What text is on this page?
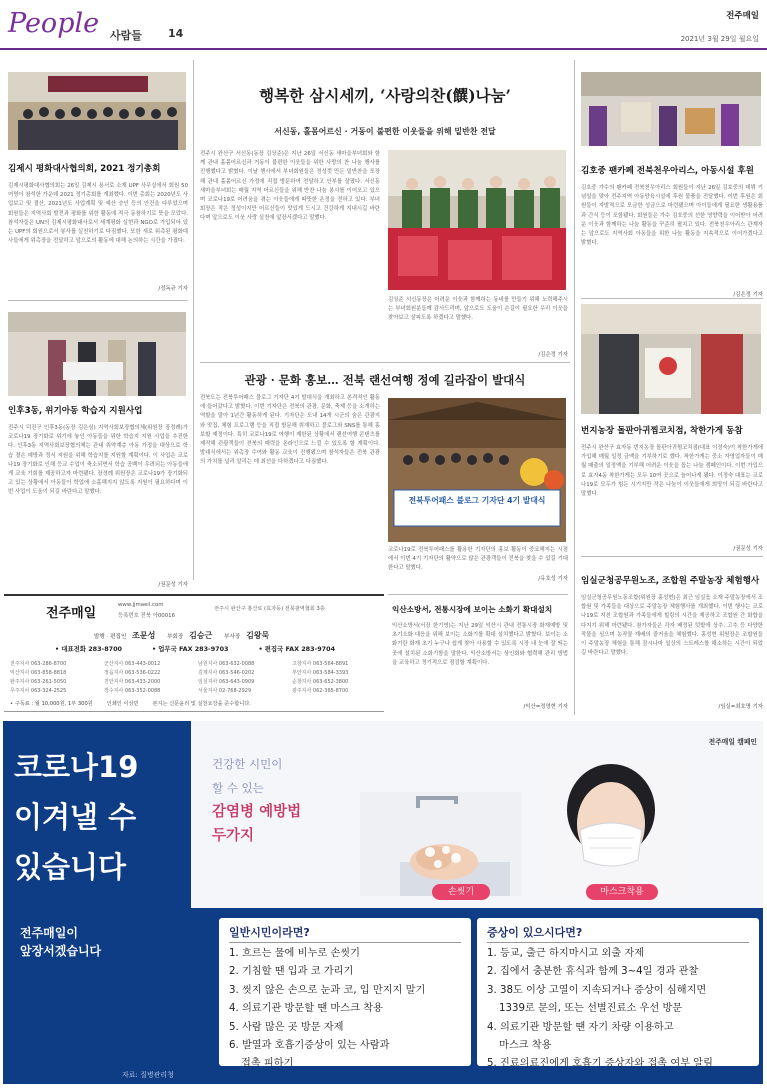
People 사람들 14
전주매일
2021년 3월 29일 월요일
김제시 평화대사협의회, 2021 정기총회
김제시평화대사협의회는 26일 김제시 용서로 소재 UPF 사무실에서 회원 50여명이 참석한 가운데 2021 정기총회를 개최했다. 이번 총회는 2020년도 사업보고 및 결산, 2021년도 사업계획 및 예산 승인 등의 안건을 다루었으며 회원들은 지역사회 발전과 평화를 위한 활동에 적극 동참하기로 뜻을 모았다. 참석자들은 UN의 김제시평화대사로서 세계평화 실현과 NGO로 가입되어 있는 UPF의 회원으로서 봉사를 실천하기로 다짐했다. 또한 새로 위촉된 평화대사들에게 위촉장을 전달하고 앞으로의 활동에 대해 논의하는 시간을 가졌다.
/정독규 기자
인후3동, 위기아동 학습지 지원사업
전주시 덕진구 인후3동(동장 김은심) 지역사회보장협의체(위원장 장정례)가 코로나19 장기화로 위기에 놓인 아동들을 위한 학습지 지원 사업을 추진한다. 인후3동 지역사회보장협의체는 관내 취약계층 아동 가정을 대상으로 학습 결손 예방과 정서 지원을 위해 학습지를 지원할 계획이다. 이 사업은 코로나19 장기화로 인해 등교 수업이 축소되면서 학습 공백이 우려되는 아동들에게 교육 기회를 제공하고자 마련됐다. 장정례 위원장은 코로나19가 장기화되고 있는 상황에서 아동들이 학업에 소홀해지지 않도록 지원이 필요하다며 이번 사업이 도움이 되길 바란다고 말했다.
/권문성 기자
행복한 삼시세끼, ‘사랑의찬(饌)나눔’
서신동, 홀몸어르신 · 거동이 불편한 이웃들을 위해 밑반찬 전달
전주시 완산구 서신동(동장 김상준)은 지난 26일 서신동 새마을부녀회와 함께 관내 홀몸어르신과 거동이 불편한 이웃들을 위한 사랑의 찬 나눔 행사를 진행했다고 밝혔다. 이날 행사에서 부녀회원들은 정성껏 만든 밑반찬을 포장해 관내 홀몸어르신 가정에 직접 방문하여 전달하고 안부를 살폈다. 서신동 새마을부녀회는 매월 지역 어르신들을 위해 반찬 나눔 봉사를 이어오고 있으며 코로나19로 어려움을 겪는 이웃들에게 따뜻한 온정을 전하고 있다. 부녀회장은 작은 정성이지만 어르신들이 맛있게 드시고 건강하게 지내시길 바란다며 앞으로도 이웃 사랑 실천에 앞장서겠다고 말했다.
김상준 서신동장은 어려운 이웃과 함께하는 동네를 만들기 위해 노력해주시는 부녀회원분들께 감사드리며, 앞으로도 도움이 손길이 필요한 우리 이웃을 찾아보고 살피도록 하겠다고 말했다.
/김은정 기자
관광 · 문화 홍보… 전북 랜선여행 정예 길라잡이 발대식
전북도는 전북투어패스 블로그 기자단 4기 발대식을 개최하고 본격적인 활동에 들어갔다고 밝혔다. 이번 기자단은 전북의 관광, 문화, 축제 등을 소개하는 역할을 맡아 1년간 활동하게 된다. 기자단은 도내 14개 시군의 숨은 관광지와 맛집, 체험 프로그램 등을 직접 방문해 취재하고 블로그와 SNS를 통해 홍보할 예정이다. 특히 코로나19로 여행이 제한된 상황에서 랜선여행 콘텐츠를 제작해 관광객들이 전북의 매력을 온라인으로 느낄 수 있도록 할 계획이다. 발대식에서는 위촉장 수여와 활동 교육이 진행됐으며 참석자들은 전북 관광의 가치를 널리 알리는 데 최선을 다하겠다고 다짐했다.
전북투어패스 블로그 기자단 4기 발대식
코로나19로 전북투어패스를 활용한 기자단의 홍보 활동이 중요해지는 시점에서 이번 4기 기자단의 활약으로 많은 관광객들이 전북을 찾을 수 있길 기대한다고 말했다.
/유호성 기자
김호중 팬카페 전북천우아리스, 아동시설 후원
김호중 가수의 팬카페 전북천우아리스 회원들이 지난 26일 김호중의 데뷔 기념일을 맞아 전주지역 아동양육시설에 후원 물품을 전달했다. 이번 후원은 회원들이 자발적으로 모금한 성금으로 마련됐으며 아이들에게 필요한 생활용품과 간식 등이 포함됐다. 회원들은 가수 김호중의 선한 영향력을 이어받아 어려운 이웃과 함께하는 나눔 활동을 꾸준히 펼치고 있다. 전북천우아리스 관계자는 앞으로도 지역사회 아동들을 위한 나눔 활동을 지속적으로 이어가겠다고 밝혔다.
/김은정 기자
번지농장 돌판아귀찜코치점, 착한가게 동참
전주시 완산구 효자동 번지농장 돌판아귀찜코치점(대표 이정숙)이 착한가게에 가입해 매월 일정 금액을 기부하기로 했다. 착한가게는 중소 자영업자들이 매월 매출의 일정액을 기부해 어려운 이웃을 돕는 나눔 캠페인이다. 이번 가입으로 효자4동 착한가게는 모두 10여 곳으로 늘어나게 됐다. 이정숙 대표는 코로나19로 모두가 힘든 시기지만 작은 나눔이 이웃들에게 희망이 되길 바란다고 말했다.
/권문성 기자
임실군청공무원노조, 조합원 주말농장 체험행사
임실군청공무원노동조합(위원장 홍성현)은 최근 임실읍 소재 주말농장에서 조합원 및 가족들을 대상으로 주말농장 체험행사를 개최했다. 이번 행사는 코로나19로 지친 조합원과 가족들에게 힐링의 시간을 제공하고 조합원 간 화합을 다지기 위해 마련됐다. 참가자들은 각자 배정된 텃밭에 상추, 고추 등 다양한 작물을 심으며 농작물 재배의 즐거움을 체험했다. 홍성현 위원장은 조합원들이 주말농장 체험을 통해 잠시나마 일상의 스트레스를 해소하는 시간이 되었길 바란다고 말했다.
/임실=최호명 기자
익산소방서, 전통시장에 보이는 소화기 확대설치
익산소방서(서장 한기영)는 지난 29일 익산시 관내 전통시장 화재예방 및 초기소화 대응을 위해 보이는 소화기를 확대 설치했다고 밝혔다. 보이는 소화기란 화재 초기 누구나 쉽게 찾아 사용할 수 있도록 시장 내 눈에 잘 띄는 곳에 설치된 소화기함을 말한다. 익산소방서는 상인회와 협력해 관리 방법을 교육하고 정기적으로 점검할 계획이다.
/익산=정영현 기자
전주매일
www.jjmaeil.com
등록번호 전북 아00016
전주시 완산구 홍산로 (효자동) 전북광역협회 3층
발행 · 편집인 조문성 부회장 김승근 부사장 김왕묵
• 대표전화 283-8700	• 업무국 FAX 283-9703	• 편집국 FAX 283-9704
전주지사 063-286-8700	군산지사 063-443-0012	남원지사 063-632-0088	고창지사 063-564-8891
익산지사 063-858-8818	정읍지사 063-536-0222	김제지사 063-546-0202	부안지사 063-584-3393
완주지사 063-261-5050	진안지사 063-433-2000	임실지사 063-643-0909	순창지사 063-652-3800
무주지사 063-324-2525	장수지사 063-352-0088	서울지사 02-768-2929	광주지사 062-365-8700
• 구독료 : 월 10,000원, 1부 300원	인쇄인 이상민	본지는 신문윤리 및 실천요강을 준수합니다.
코로나19
이겨낼 수
있습니다
전주매일이
앞장서겠습니다
전주매일 캠페인
손씻기	마스크착용
건강한 시민이
할 수 있는
감염병 예방법
두가지
일반시민이라면?
1. 흐르는 물에 비누로 손씻기
2. 기침할 땐 입과 코 가리기
3. 씻지 않은 손으로 눈과 코, 입 만지지 말기
4. 의료기관 방문할 땐 마스크 착용
5. 사람 많은 곳 방문 자제
6. 발열과 호흡기증상이 있는 사람과
접촉 피하기
증상이 있으시다면?
1. 등교, 출근 하지마시고 외출 자제
2. 집에서 충분한 휴식과 함께 3~4일 경과 관찰
3. 38도 이상 고열이 지속되거나 증상이 심해지면
1339로 문의, 또는 선별진료소 우선 방문
4. 의료기관 방문할 땐 자기 차량 이용하고
마스크 착용
5. 진료의료진에게 호흡기 증상자와 접촉 여부 알림
자료: 질병관리청
